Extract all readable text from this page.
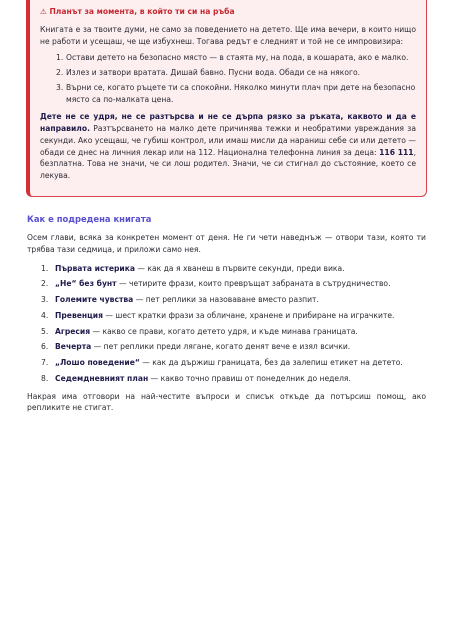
⚠ Планът за момента, в който ти си на ръба

Книгата е за твоите думи, не само за поведението на детето. Ще има вечери, в които нищо не работи и усещаш, че ще избухнеш. Тогава редът е следният и той не се импровизира:

1. Остави детето на безопасно място — в стаята му, на пода, в кошарата, ако е малко.
2. Излез и затвори вратата. Дишай бавно. Пусни вода. Обади се на някого.
3. Върни се, когато ръцете ти са спокойни. Няколко минути плач при дете на безопасно място са по-малката цена.

Дете не се удря, не се разтърсва и не се дърпа рязко за ръката, каквото и да е направило. Разтърсването на малко дете причинява тежки и необратими увреждания за секунди. Ако усещаш, че губиш контрол, или имаш мисли да нараниш себе си или детето — обади се днес на личния лекар или на 112. Национална телефонна линия за деца: 116 111, безплатна. Това не значи, че си лош родител. Значи, че си стигнал до състояние, което се лекува.

Как е подредена книгата

Осем глави, всяка за конкретен момент от деня. Не ги чети наведнъж — отвори тази, която ти трябва тази седмица, и приложи само нея.

1. Първата истерика — как да я хванеш в първите секунди, преди вика.
2. „Не“ без бунт — четирите фрази, които превръщат забраната в сътрудничество.
3. Големите чувства — пет реплики за назоваване вместо разпит.
4. Превенция — шест кратки фрази за обличане, хранене и прибиране на играчките.
5. Агресия — какво се прави, когато детето удря, и къде минава границата.
6. Вечерта — пет реплики преди лягане, когато денят вече е изял всички.
7. „Лошо поведение“ — как да държиш границата, без да залепиш етикет на детето.
8. Седемдневният план — какво точно правиш от понеделник до неделя.

Накрая има отговори на най-честите въпроси и списък откъде да потърсиш помощ, ако репликите не стигат.
